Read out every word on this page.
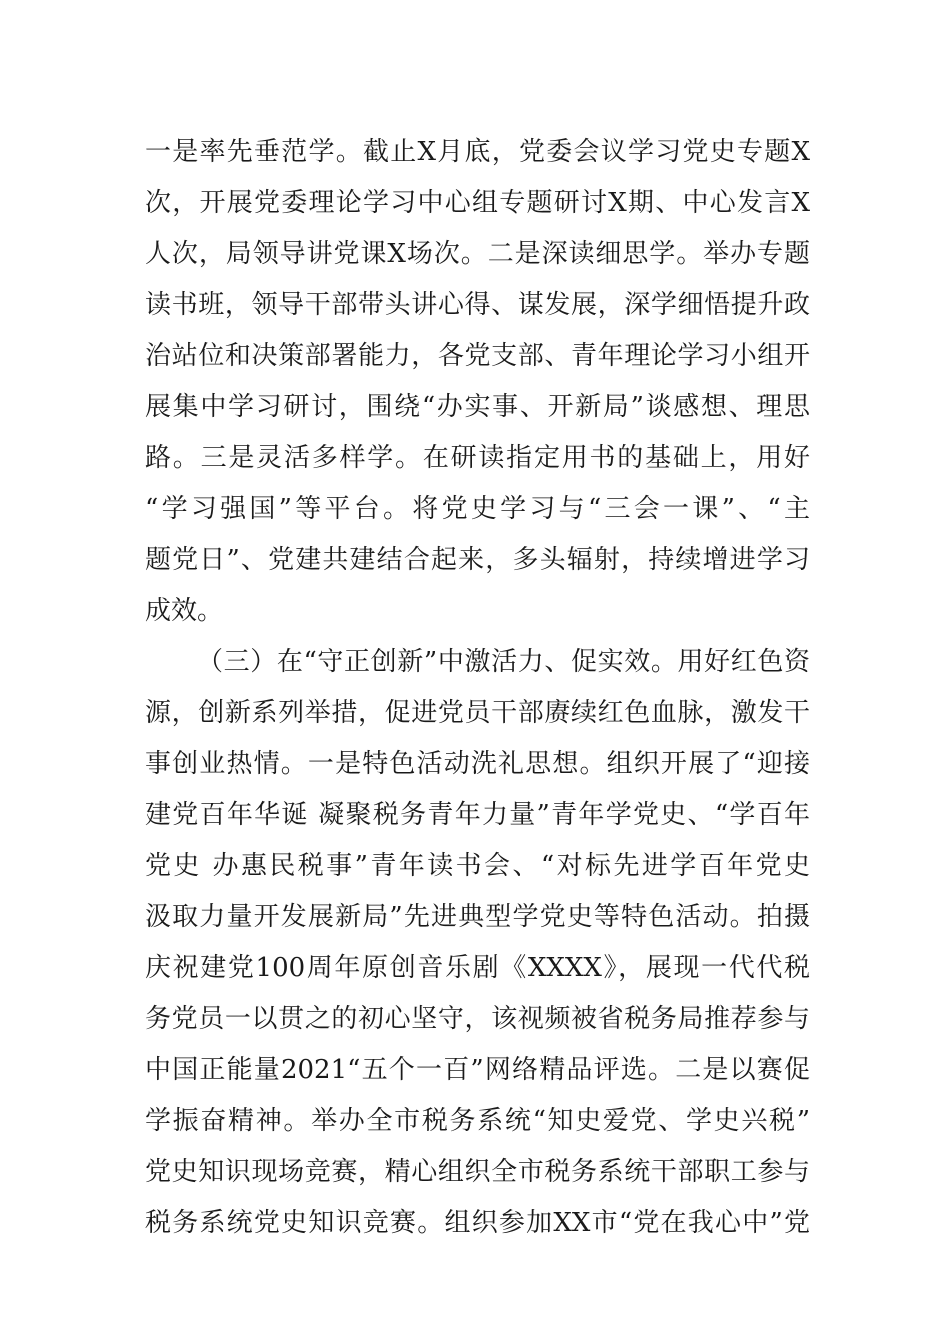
一是率先垂范学。截止X月底，党委会议学习党史专题X
次，开展党委理论学习中心组专题研讨X期、中心发言X
人次，局领导讲党课X场次。二是深读细思学。举办专题
读书班，领导干部带头讲心得、谋发展，深学细悟提升政
治站位和决策部署能力，各党支部、青年理论学习小组开
展集中学习研讨，围绕“办实事、开新局”谈感想、理思
路。三是灵活多样学。在研读指定用书的基础上，用好
“学习强国”等平台。将党史学习与“三会一课”、“主
题党日”、党建共建结合起来，多头辐射，持续增进学习
成效。
（三）在“守正创新”中激活力、促实效。用好红色资
源，创新系列举措，促进党员干部赓续红色血脉，激发干
事创业热情。一是特色活动洗礼思想。组织开展了“迎接
建党百年华诞 凝聚税务青年力量”青年学党史、“学百年
党史 办惠民税事”青年读书会、“对标先进学百年党史
汲取力量开发展新局”先进典型学党史等特色活动。拍摄
庆祝建党100周年原创音乐剧《XXXX》，展现一代代税
务党员一以贯之的初心坚守，该视频被省税务局推荐参与
中国正能量2021“五个一百”网络精品评选。二是以赛促
学振奋精神。举办全市税务系统“知史爱党、学史兴税”
党史知识现场竞赛，精心组织全市税务系统干部职工参与
税务系统党史知识竞赛。组织参加XX市“党在我心中”党
